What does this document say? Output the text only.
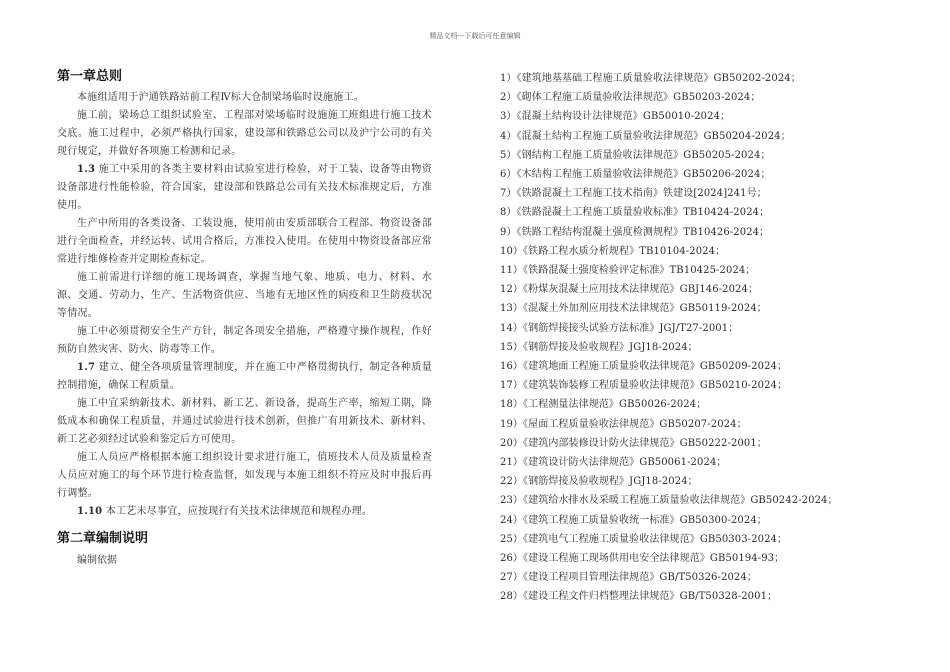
精品文档---下载后可任意编辑
第一章总则
本施组适用于沪通铁路站前工程Ⅳ标大仓制梁场临时设施施工。
施工前，梁场总工组织试验室、工程部对梁场临时设施施工班组进行施工技术交底。施工过程中，必须严格执行国家，建设部和铁路总公司以及沪宁公司的有关现行规定，并做好各项施工检测和记录。
1.3 施工中采用的各类主要材料由试验室进行检验，对于工装、设备等由物资设备部进行性能检验，符合国家，建设部和铁路总公司有关技术标准规定后，方准使用。
生产中所用的各类设备、工装设施，使用前由安质部联合工程部、物资设备部进行全面检查，并经运转、试用合格后，方准投入使用。在使用中物资设备部应常常进行维修检查并定期检查标定。
施工前需进行详细的施工现场调查，掌握当地气象、地质、电力、材料、水源、交通、劳动力、生产、生活物资供应、当地有无地区性的病疫和卫生防疫状况等情况。
施工中必须贯彻安全生产方针，制定各项安全措施，严格遵守操作规程，作好预防自然灾害、防火、防毒等工作。
1.7 建立、健全各项质量管理制度，并在施工中严格贯彻执行，制定各种质量控制措施，确保工程质量。
施工中宜采纳新技术、新材料、新工艺、新设备，提高生产率，缩短工期，降低成本和确保工程质量，并通过试验进行技术创新，但推广有用新技术、新材料、新工艺必须经过试验和鉴定后方可使用。
施工人员应严格根据本施工组织设计要求进行施工，值班技术人员及质量检查人员应对施工的每个环节进行检查监督，如发现与本施工组织不符应及时申报后再行调整。
1.10 本工艺未尽事宜，应按现行有关技术法律规范和规程办理。
第二章编制说明
编制依据
1）《建筑地基基础工程施工质量验收法律规范》GB50202-2024；
2）《砌体工程施工质量验收法律规范》GB50203-2024；
3）《混凝土结构设计法律规范》GB50010-2024；
4）《混凝土结构工程施工质量验收法律规范》GB50204-2024；
5）《钢结构工程施工质量验收法律规范》GB50205-2024；
6）《木结构工程施工质量验收法律规范》GB50206-2024；
7）《铁路混凝土工程施工技术指南》铁建设[2024]241号；
8）《铁路混凝土工程施工质量验收标准》TB10424-2024；
9）《铁路工程结构混凝土强度检测规程》TB10426-2024；
10）《铁路工程水质分析规程》TB10104-2024；
11）《铁路混凝土强度检验评定标准》TB10425-2024；
12）《粉煤灰混凝土应用技术法律规范》GBJ146-2024；
13）《混凝土外加剂应用技术法律规范》GB50119-2024；
14）《钢筋焊接接头试验方法标准》JGJ/T27-2001；
15）《钢筋焊接及验收规程》JGJ18-2024；
16）《建筑地面工程施工质量验收法律规范》GB50209-2024；
17）《建筑装饰装修工程质量验收法律规范》GB50210-2024；
18）《工程测量法律规范》GB50026-2024；
19）《屋面工程质量验收法律规范》GB50207-2024；
20）《建筑内部装修设计防火法律规范》GB50222-2001；
21）《建筑设计防火法律规范》GB50061-2024；
22）《钢筋焊接及验收规程》JGJ18-2024；
23）《建筑给水排水及采暖工程施工质量验收法律规范》GB50242-2024；
24）《建筑工程施工质量验收统一标准》GB50300-2024；
25）《建筑电气工程施工质量验收法律规范》GB50303-2024；
26）《建设工程施工现场供用电安全法律规范》GB50194-93；
27）《建设工程项目管理法律规范》GB/T50326-2024；
28）《建设工程文件归档整理法律规范》GB/T50328-2001；
